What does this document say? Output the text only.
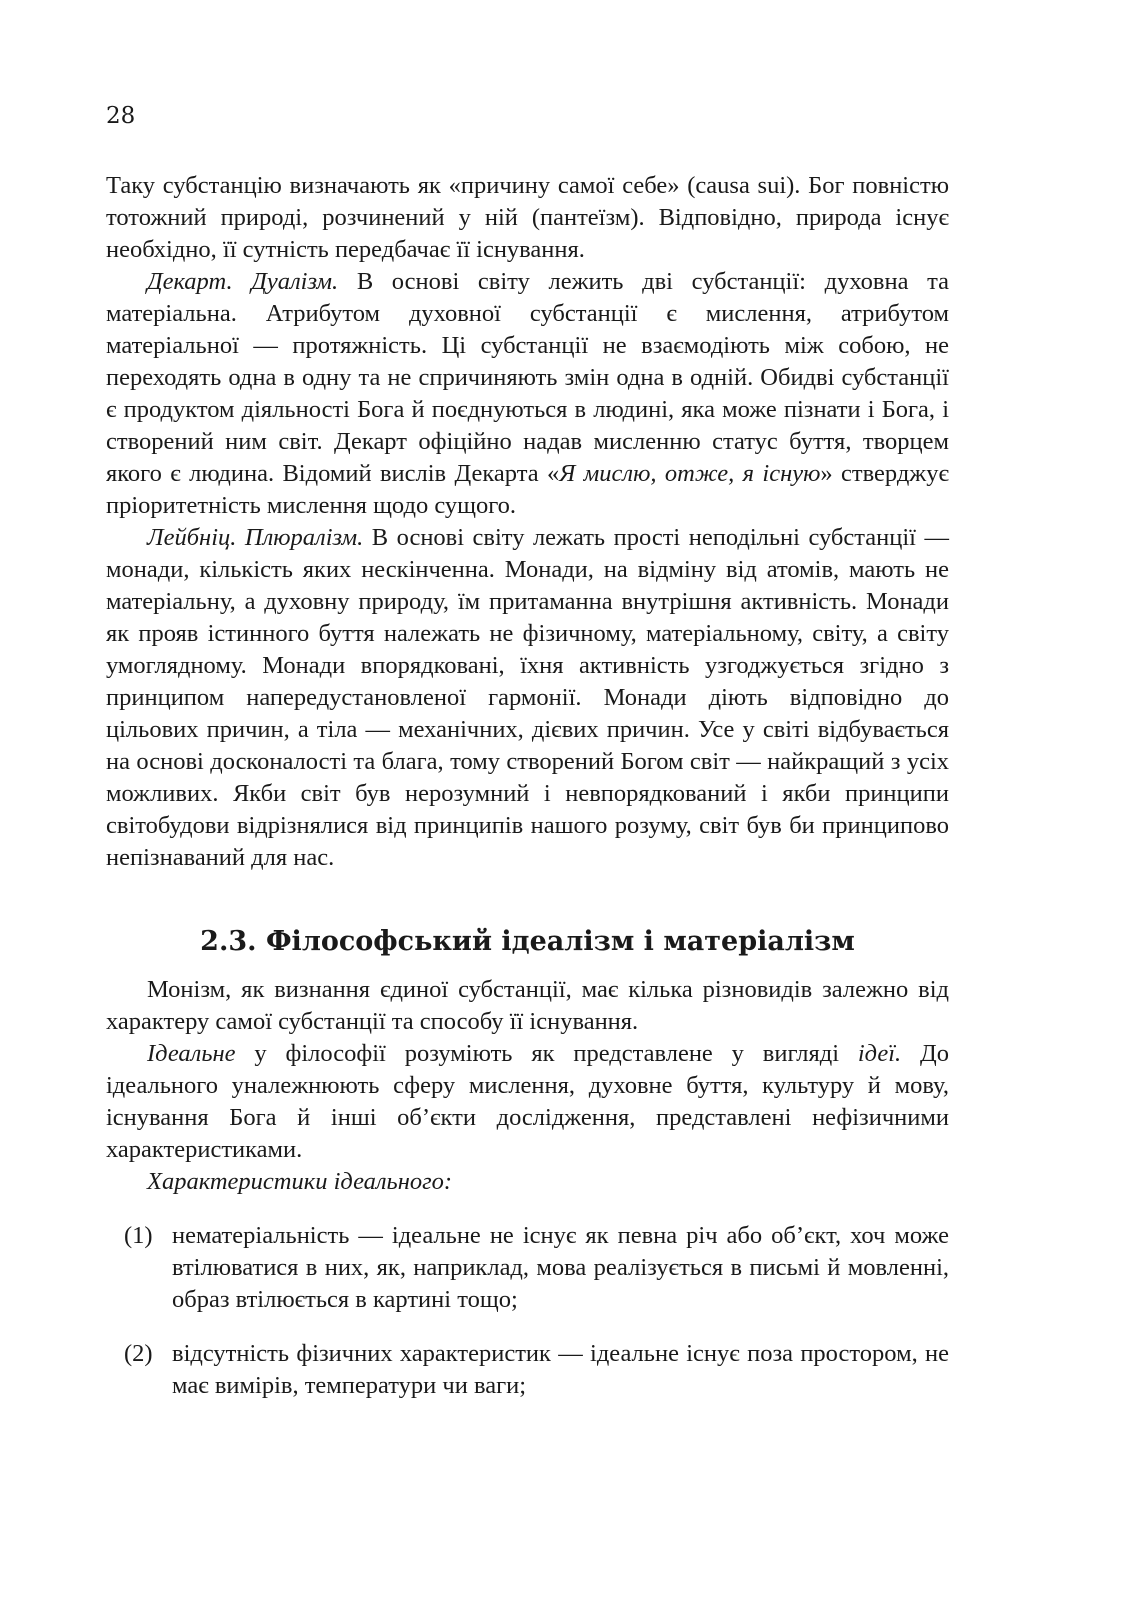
28

Таку субстанцію визначають як «причину самої себе» (causa sui). Бог повністю тотожний природі, розчинений у ній (пантеїзм). Відповідно, природа існує необхідно, її сутність передбачає її існування.

Декарт. Дуалізм. В основі світу лежить дві субстанції: духовна та матеріальна. Атрибутом духовної субстанції є мислення, атрибутом матеріальної — протяжність. Ці субстанції не взаємодіють між собою, не переходять одна в одну та не спричиняють змін одна в одній. Обидві субстанції є продуктом діяльності Бога й поєднуються в людині, яка може пізнати і Бога, і створений ним світ. Декарт офіційно надав мисленню статус буття, творцем якого є людина. Відомий вислів Декарта «Я мислю, отже, я існую» стверджує пріоритетність мислення щодо сущого.

Лейбніц. Плюралізм. В основі світу лежать прості неподільні субстанції — монади, кількість яких нескінченна. Монади, на відміну від атомів, мають не матеріальну, а духовну природу, їм притаманна внутрішня активність. Монади як прояв істинного буття належать не фізичному, матеріальному, світу, а світу умоглядному. Монади впорядковані, їхня активність узгоджується згідно з принципом напередустановленої гармонії. Монади діють відповідно до цільових причин, а тіла — механічних, дієвих причин. Усе у світі відбувається на основі досконалості та блага, тому створений Богом світ — найкращий з усіх можливих. Якби світ був нерозумний і невпорядкований і якби принципи світобудови відрізнялися від принципів нашого розуму, світ був би принципово непізнаваний для нас.

2.3. Філософський ідеалізм і матеріалізм

Монізм, як визнання єдиної субстанції, має кілька різновидів залежно від характеру самої субстанції та способу її існування.

Ідеальне у філософії розуміють як представлене у вигляді ідеї. До ідеального уналежнюють сферу мислення, духовне буття, культуру й мову, існування Бога й інші об’єкти дослідження, представлені нефізичними характеристиками.

Характеристики ідеального:

(1) нематеріальність — ідеальне не існує як певна річ або об’єкт, хоч може втілюватися в них, як, наприклад, мова реалізується в письмі й мовленні, образ втілюється в картині тощо;
(2) відсутність фізичних характеристик — ідеальне існує поза простором, не має вимірів, температури чи ваги;
